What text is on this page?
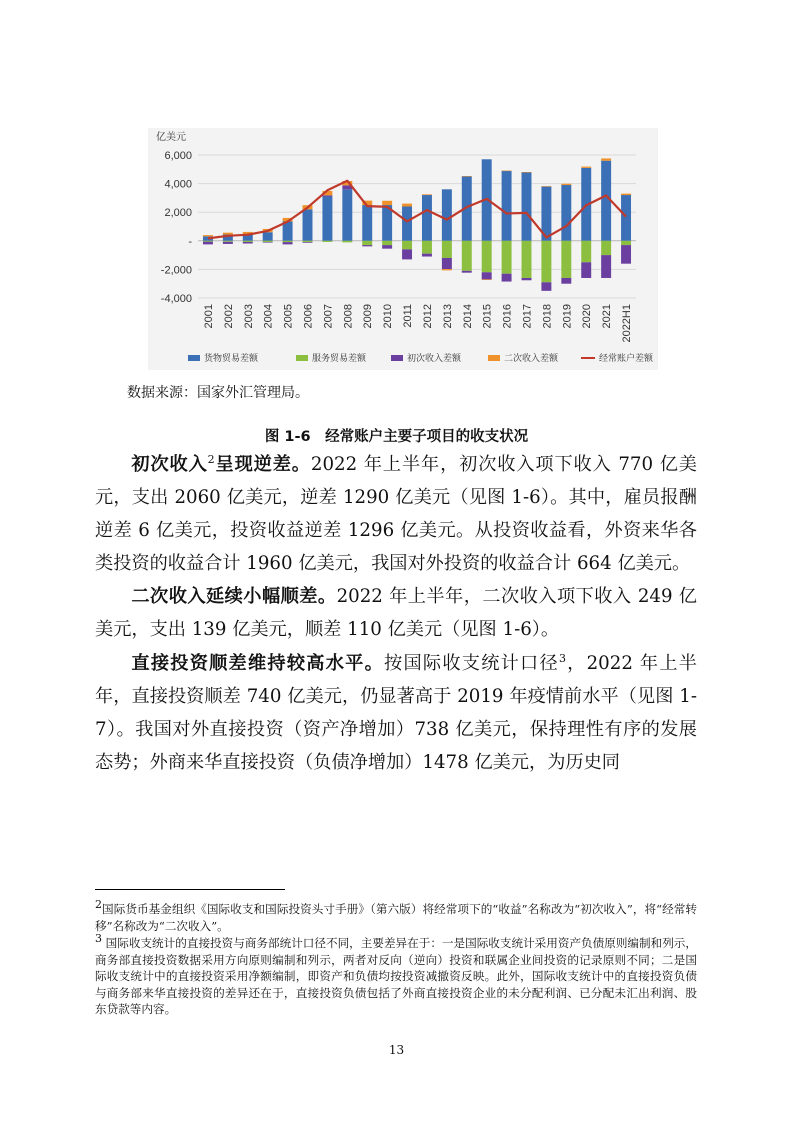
亿美元
6,000
4,000
2,000
-
-2,000
-4,000
2001 2002 2003 2004 2005 2006 2007 2008 2009 2010 2011 2012 2013 2014 2015 2016 2017 2018 2019 2020 2021 2022H1
货物贸易差额	服务贸易差额	初次收入差额	二次收入差额	经常账户差额
数据来源：国家外汇管理局。
图 1-6　经常账户主要子项目的收支状况

初次收入$^2$呈现逆差。2022 年上半年，初次收入项下收入 770 亿美元，支出 2060 亿美元，逆差 1290 亿美元（见图 1-6）。其中，雇员报酬逆差 6 亿美元，投资收益逆差 1296 亿美元。从投资收益看，外资来华各类投资的收益合计 1960 亿美元，我国对外投资的收益合计 664 亿美元。

二次收入延续小幅顺差。2022 年上半年，二次收入项下收入 249 亿美元，支出 139 亿美元，顺差 110 亿美元（见图 1-6）。

直接投资顺差维持较高水平。按国际收支统计口径$^3$，2022 年上半年，直接投资顺差 740 亿美元，仍显著高于 2019 年疫情前水平（见图 1-7）。我国对外直接投资（资产净增加）738 亿美元，保持理性有序的发展态势；外商来华直接投资（负债净增加）1478 亿美元，为历史同

$^2$国际货币基金组织《国际收支和国际投资头寸手册》（第六版）将经常项下的“收益”名称改为“初次收入”，将“经常转移”名称改为“二次收入”。
$^3$ 国际收支统计的直接投资与商务部统计口径不同，主要差异在于：一是国际收支统计采用资产负债原则编制和列示，商务部直接投资数据采用方向原则编制和列示，两者对反向（逆向）投资和联属企业间投资的记录原则不同；二是国际收支统计中的直接投资采用净额编制，即资产和负债均按投资减撤资反映。此外，国际收支统计中的直接投资负债与商务部来华直接投资的差异还在于，直接投资负债包括了外商直接投资企业的未分配利润、已分配未汇出利润、股东贷款等内容。
13
